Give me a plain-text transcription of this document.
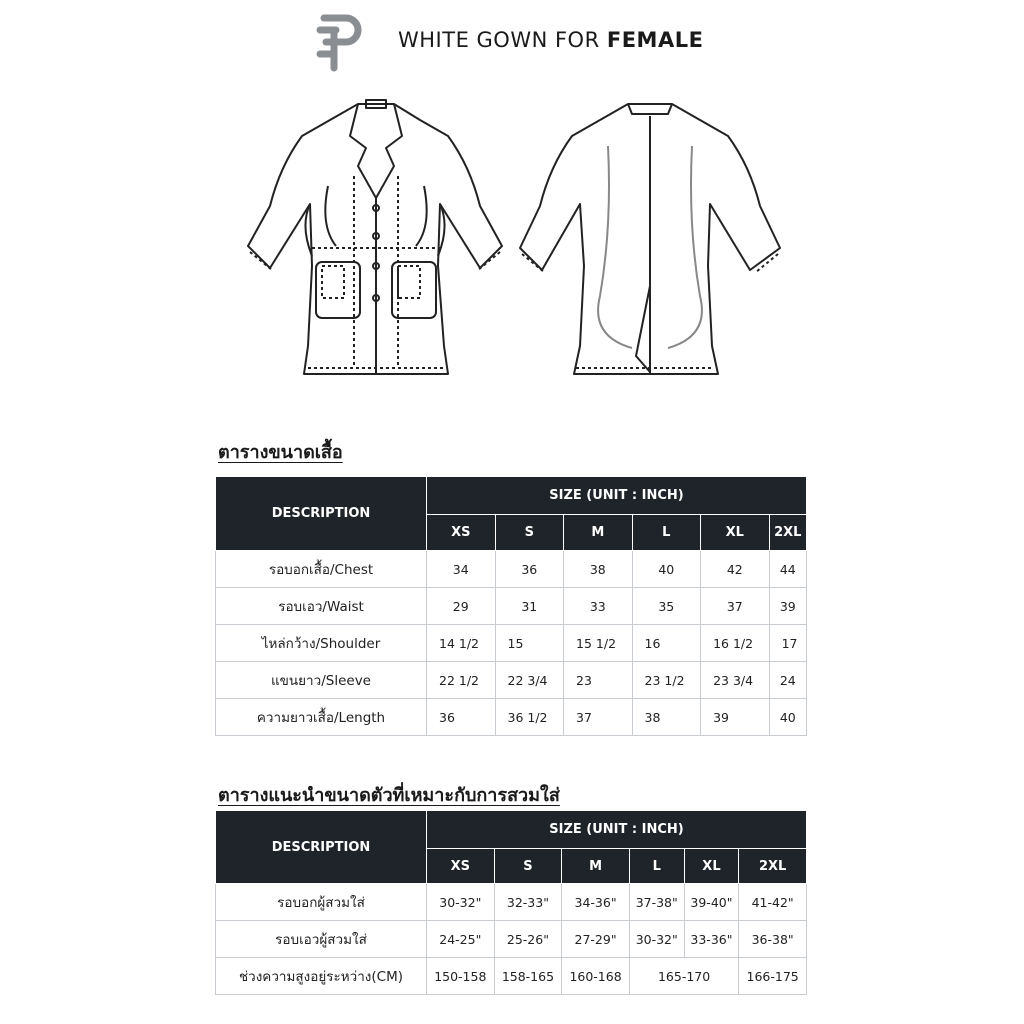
WHITE GOWN FOR FEMALE
ตารางขนาดเสื้อ
DESCRIPTION	SIZE (UNIT : INCH)					
	XS	S	M	L	XL	2XL
รอบอกเสื้อ/Chest	34	36	38	40	42	44
รอบเอว/Waist	29	31	33	35	37	39
ไหล่กว้าง/Shoulder	14 1/2	15	15 1/2	16	16 1/2	17
แขนยาว/Sleeve	22 1/2	22 3/4	23	23 1/2	23 3/4	24
ความยาวเสื้อ/Length	36	36 1/2	37	38	39	40
ตารางแนะนำขนาดตัวที่เหมาะกับการสวมใส่
DESCRIPTION	SIZE (UNIT : INCH)					
	XS	S	M	L	XL	2XL
รอบอกผู้สวมใส่	30-32"	32-33"	34-36"	37-38"	39-40"	41-42"
รอบเอวผู้สวมใส่	24-25"	25-26"	27-29"	30-32"	33-36"	36-38"
ช่วงความสูงอยู่ระหว่าง(CM)	150-158	158-165	160-168	165-170		166-175
